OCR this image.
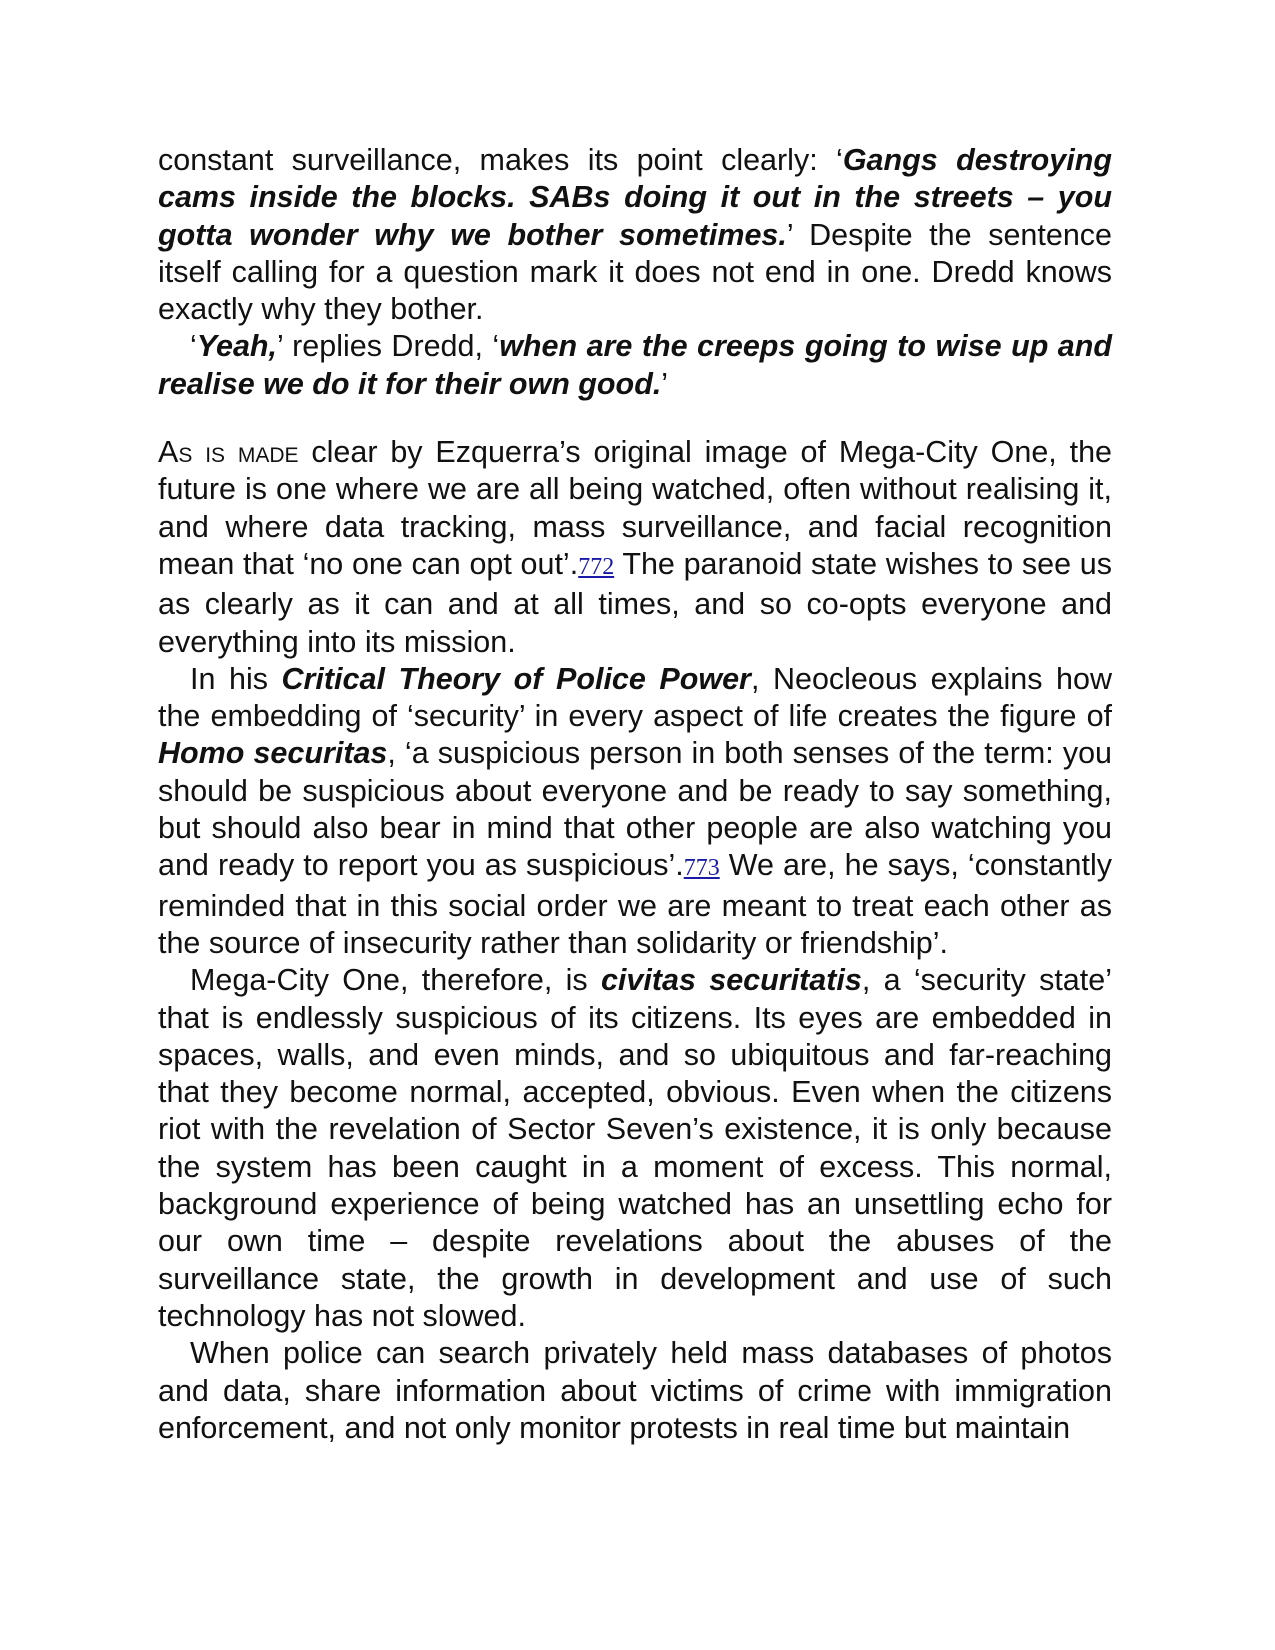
constant surveillance, makes its point clearly: ‘Gangs destroying cams inside the blocks. SABs doing it out in the streets – you gotta wonder why we bother sometimes.’ Despite the sentence itself calling for a question mark it does not end in one. Dredd knows exactly why they bother.

‘Yeah,’ replies Dredd, ‘when are the creeps going to wise up and realise we do it for their own good.’

As is made clear by Ezquerra’s original image of Mega-City One, the future is one where we are all being watched, often without realising it, and where data tracking, mass surveillance, and facial recognition mean that ‘no one can opt out’.772 The paranoid state wishes to see us as clearly as it can and at all times, and so co-opts everyone and everything into its mission.

In his Critical Theory of Police Power, Neocleous explains how the embedding of ‘security’ in every aspect of life creates the figure of Homo securitas, ‘a suspicious person in both senses of the term: you should be suspicious about everyone and be ready to say something, but should also bear in mind that other people are also watching you and ready to report you as suspicious’.773 We are, he says, ‘constantly reminded that in this social order we are meant to treat each other as the source of insecurity rather than solidarity or friendship’.

Mega-City One, therefore, is civitas securitatis, a ‘security state’ that is endlessly suspicious of its citizens. Its eyes are embedded in spaces, walls, and even minds, and so ubiquitous and far-reaching that they become normal, accepted, obvious. Even when the citizens riot with the revelation of Sector Seven’s existence, it is only because the system has been caught in a moment of excess. This normal, background experience of being watched has an unsettling echo for our own time – despite revelations about the abuses of the surveillance state, the growth in development and use of such technology has not slowed.

When police can search privately held mass databases of photos and data, share information about victims of crime with immigration enforcement, and not only monitor protests in real time but maintain
